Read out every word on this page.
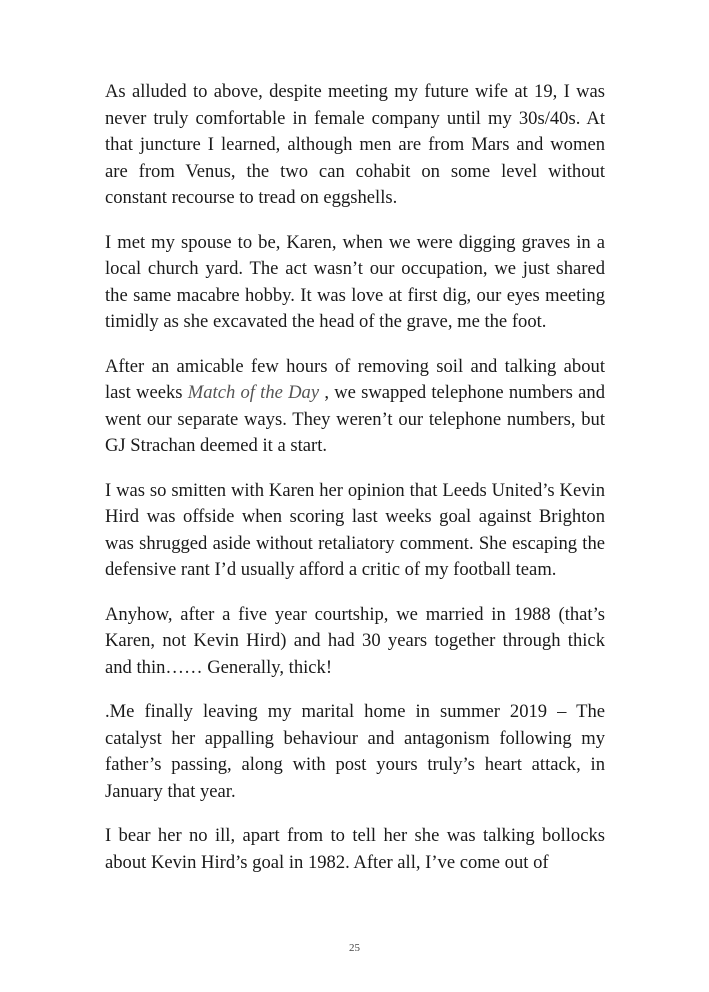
As alluded to above, despite meeting my future wife at 19, I was never truly comfortable in female company until my 30s/40s. At that juncture I learned, although men are from Mars and women are from Venus, the two can cohabit on some level without constant recourse to tread on eggshells.

I met my spouse to be, Karen, when we were digging graves in a local church yard. The act wasn’t our occupation, we just shared the same macabre hobby. It was love at first dig, our eyes meeting timidly as she excavated the head of the grave, me the foot.

After an amicable few hours of removing soil and talking about last weeks Match of the Day , we swapped telephone numbers and went our separate ways. They weren’t our telephone numbers, but GJ Strachan deemed it a start.

I was so smitten with Karen her opinion that Leeds United’s Kevin Hird was offside when scoring last weeks goal against Brighton was shrugged aside without retaliatory comment. She escaping the defensive rant I’d usually afford a critic of my football team.

Anyhow, after a five year courtship, we married in 1988 (that’s Karen, not Kevin Hird) and had 30 years together through thick and thin…… Generally, thick!

.Me finally leaving my marital home in summer 2019 – The catalyst her appalling behaviour and antagonism following my father’s passing, along with post yours truly’s heart attack, in January that year.

I bear her no ill, apart from to tell her she was talking bollocks about Kevin Hird’s goal in 1982. After all, I’ve come out of

25
